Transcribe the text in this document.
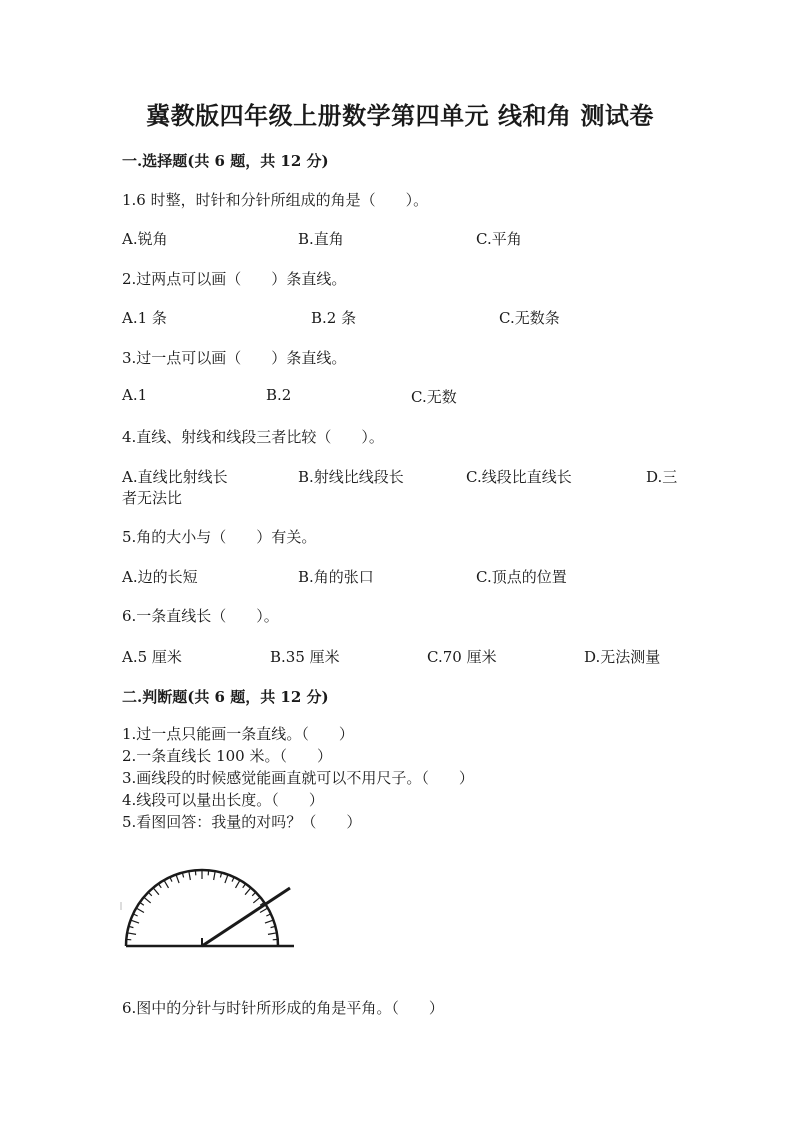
冀教版四年级上册数学第四单元 线和角 测试卷
一.选择题(共 6 题，共 12 分)
1.6 时整，时针和分针所组成的角是（　　）。
A.锐角	B.直角	C.平角
2.过两点可以画（　　）条直线。
A.1 条	B.2 条	C.无数条
3.过一点可以画（　　）条直线。
A.1	B.2	C.无数
4.直线、射线和线段三者比较（　　）。
A.直线比射线长	B.射线比线段长	C.线段比直线长	D.三
者无法比
5.角的大小与（　　）有关。
A.边的长短	B.角的张口	C.顶点的位置
6.一条直线长（　　）。
A.5 厘米	B.35 厘米	C.70 厘米	D.无法测量
二.判断题(共 6 题，共 12 分)
1.过一点只能画一条直线。（　　）
2.一条直线长 100 米。（　　）
3.画线段的时候感觉能画直就可以不用尺子。（　　）
4.线段可以量出长度。（　　）
5.看图回答：我量的对吗？（　　）
6.图中的分针与时针所形成的角是平角。（　　）
